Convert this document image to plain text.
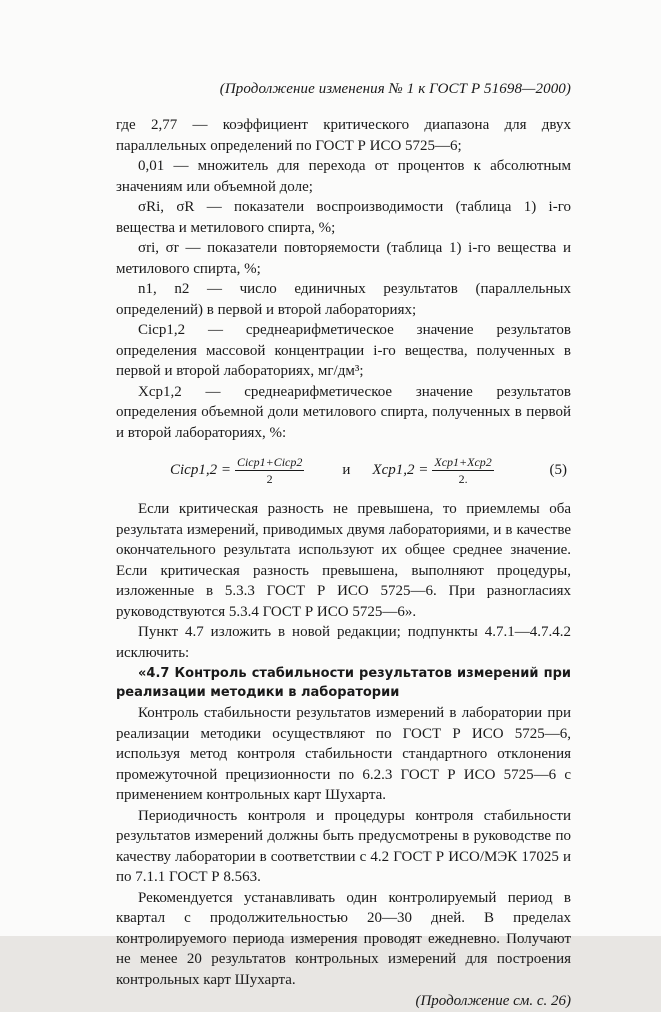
(Продолжение изменения № 1 к ГОСТ Р 51698—2000)

где 2,77 — коэффициент критического диапазона для двух параллельных определений по ГОСТ Р ИСО 5725—6;

0,01 — множитель для перехода от процентов к абсолютным значениям или объемной доле;

σRi, σR — показатели воспроизводимости (таблица 1) i-го вещества и метилового спирта, %;

σri, σr — показатели повторяемости (таблица 1) i-го вещества и метилового спирта, %;

n1, n2 — число единичных результатов (параллельных определений) в первой и второй лабораториях;

Cicp1,2 — среднеарифметическое значение результатов определения массовой концентрации i-го вещества, полученных в первой и второй лабораториях, мг/дм³;

Xcp1,2 — среднеарифметическое значение результатов определения объемной доли метилового спирта, полученных в первой и второй лабораториях, %:

Cicp1,2 = $\frac{\text{Cicp1+Cicp2}}{2}$	и $Xcp1,2 = \frac{\text{Xcp1+Xcp2}}{2.}$	(5)

Если критическая разность не превышена, то приемлемы оба результата измерений, приводимых двумя лабораториями, и в качестве окончательного результата используют их общее среднее значение. Если критическая разность превышена, выполняют процедуры, изложенные в 5.3.3 ГОСТ Р ИСО 5725—6. При разногласиях руководствуются 5.3.4 ГОСТ Р ИСО 5725—6».

Пункт 4.7 изложить в новой редакции; подпункты 4.7.1—4.7.4.2 исключить:

«4.7 Контроль стабильности результатов измерений при реализации методики в лаборатории

Контроль стабильности результатов измерений в лаборатории при реализации методики осуществляют по ГОСТ Р ИСО 5725—6, используя метод контроля стабильности стандартного отклонения промежуточной прецизионности по 6.2.3 ГОСТ Р ИСО 5725—6 с применением контрольных карт Шухарта.

Периодичность контроля и процедуры контроля стабильности результатов измерений должны быть предусмотрены в руководстве по качеству лаборатории в соответствии с 4.2 ГОСТ Р ИСО/МЭК 17025 и по 7.1.1 ГОСТ Р 8.563.

Рекомендуется устанавливать один контролируемый период в квартал с продолжительностью 20—30 дней. В пределах контролируемого периода измерения проводят ежедневно. Получают не менее 20 результатов контрольных измерений для построения контрольных карт Шухарта.

(Продолжение см. с. 26)
